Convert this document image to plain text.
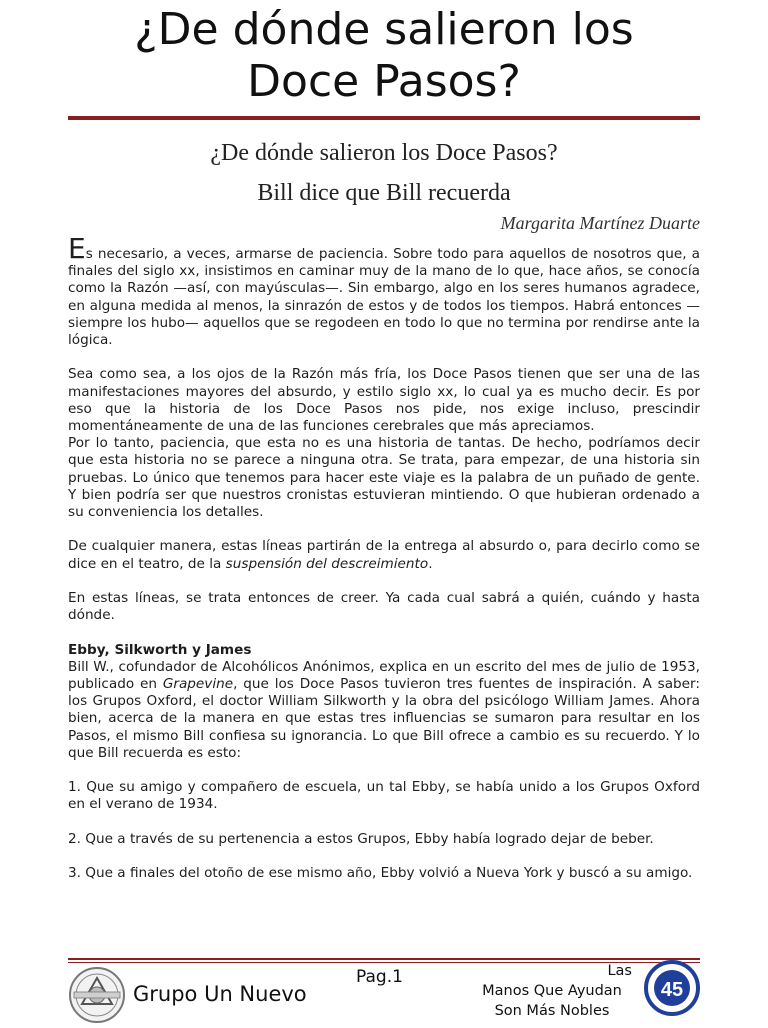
¿De dónde salieron los
Doce Pasos?
¿De dónde salieron los Doce Pasos?
Bill dice que Bill recuerda
Margarita Martínez Duarte

Es necesario, a veces, armarse de paciencia. Sobre todo para aquellos de nosotros que, a finales del siglo xx, insistimos en caminar muy de la mano de lo que, hace años, se conocía como la Razón —así, con mayúsculas—. Sin embargo, algo en los seres humanos agradece, en alguna medida al menos, la sinrazón de estos y de todos los tiempos. Habrá entonces —siempre los hubo— aquellos que se regodeen en todo lo que no termina por rendirse ante la lógica.

Sea como sea, a los ojos de la Razón más fría, los Doce Pasos tienen que ser una de las manifestaciones mayores del absurdo, y estilo siglo xx, lo cual ya es mucho decir. Es por eso que la historia de los Doce Pasos nos pide, nos exige incluso, prescindir momentáneamente de una de las funciones cerebrales que más apreciamos.

Por lo tanto, paciencia, que esta no es una historia de tantas. De hecho, podríamos decir que esta historia no se parece a ninguna otra. Se trata, para empezar, de una historia sin pruebas. Lo único que tenemos para hacer este viaje es la palabra de un puñado de gente. Y bien podría ser que nuestros cronistas estuvieran mintiendo. O que hubieran ordenado a su conveniencia los detalles.

De cualquier manera, estas líneas partirán de la entrega al absurdo o, para decirlo como se dice en el teatro, de la suspensión del descreimiento.

En estas líneas, se trata entonces de creer. Ya cada cual sabrá a quién, cuándo y hasta dónde.

Ebby, Silkworth y James

Bill W., cofundador de Alcohólicos Anónimos, explica en un escrito del mes de julio de 1953, publicado en Grapevine, que los Doce Pasos tuvieron tres fuentes de inspiración. A saber: los Grupos Oxford, el doctor William Silkworth y la obra del psicólogo William James. Ahora bien, acerca de la manera en que estas tres influencias se sumaron para resultar en los Pasos, el mismo Bill confiesa su ignorancia. Lo que Bill ofrece a cambio es su recuerdo. Y lo que Bill recuerda es esto:

1. Que su amigo y compañero de escuela, un tal Ebby, se había unido a los Grupos Oxford en el verano de 1934.

2. Que a través de su pertenencia a estos Grupos, Ebby había logrado dejar de beber.

3. Que a finales del otoño de ese mismo año, Ebby volvió a Nueva York y buscó a su amigo.

Grupo Un Nuevo
Pag.1	Las
Manos Que Ayudan
Son Más Nobles
45
